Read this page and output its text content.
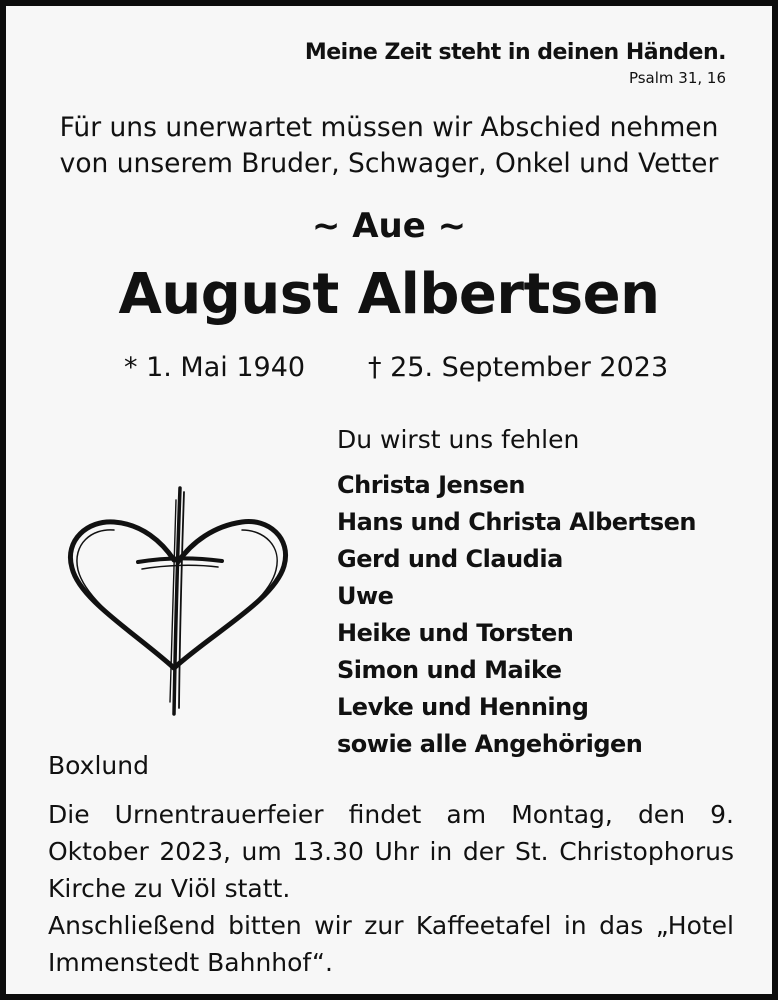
Meine Zeit steht in deinen Händen.
Psalm 31, 16
Für uns unerwartet müssen wir Abschied nehmen
von unserem Bruder, Schwager, Onkel und Vetter
~ Aue ~
August Albertsen
* 1. Mai 1940 † 25. September 2023
Du wirst uns fehlen
Christa Jensen
Hans und Christa Albertsen
Gerd und Claudia
Uwe
Heike und Torsten
Simon und Maike
Levke und Henning
sowie alle Angehörigen
Boxlund

Die Urnentrauerfeier findet am Montag, den 9. Oktober 2023, um 13.30 Uhr in der St. Christophorus Kirche zu Viöl statt.

Anschließend bitten wir zur Kaffeetafel in das „Hotel Immenstedt Bahnhof“.
